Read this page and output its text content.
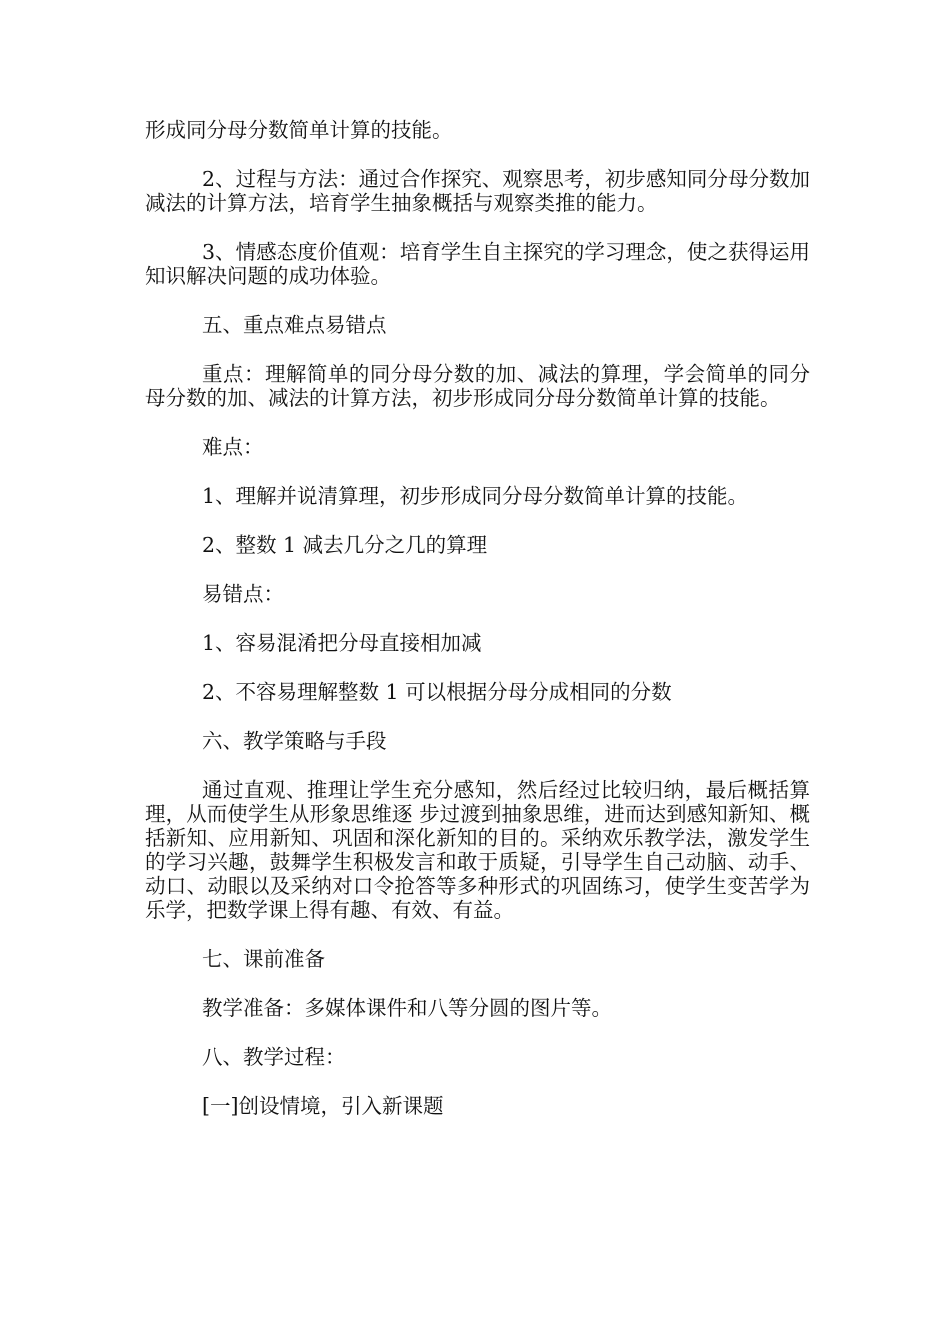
形成同分母分数简单计算的技能。

2、过程与方法：通过合作探究、观察思考，初步感知同分母分数加减法的计算方法，培育学生抽象概括与观察类推的能力。

3、情感态度价值观：培育学生自主探究的学习理念，使之获得运用知识解决问题的成功体验。

五、重点难点易错点

重点：理解简单的同分母分数的加、减法的算理，学会简单的同分母分数的加、减法的计算方法，初步形成同分母分数简单计算的技能。

难点：

1、理解并说清算理，初步形成同分母分数简单计算的技能。

2、整数 1 减去几分之几的算理

易错点：

1、容易混淆把分母直接相加减

2、不容易理解整数 1 可以根据分母分成相同的分数

六、教学策略与手段

通过直观、推理让学生充分感知，然后经过比较归纳，最后概括算理，从而使学生从形象思维逐 步过渡到抽象思维，进而达到感知新知、概括新知、应用新知、巩固和深化新知的目的。采纳欢乐教学法，激发学生的学习兴趣，鼓舞学生积极发言和敢于质疑，引导学生自己动脑、动手、动口、动眼以及采纳对口令抢答等多种形式的巩固练习，使学生变苦学为乐学，把数学课上得有趣、有效、有益。

七、课前准备

教学准备：多媒体课件和八等分圆的图片等。

八、教学过程：

[一]创设情境，引入新课题
